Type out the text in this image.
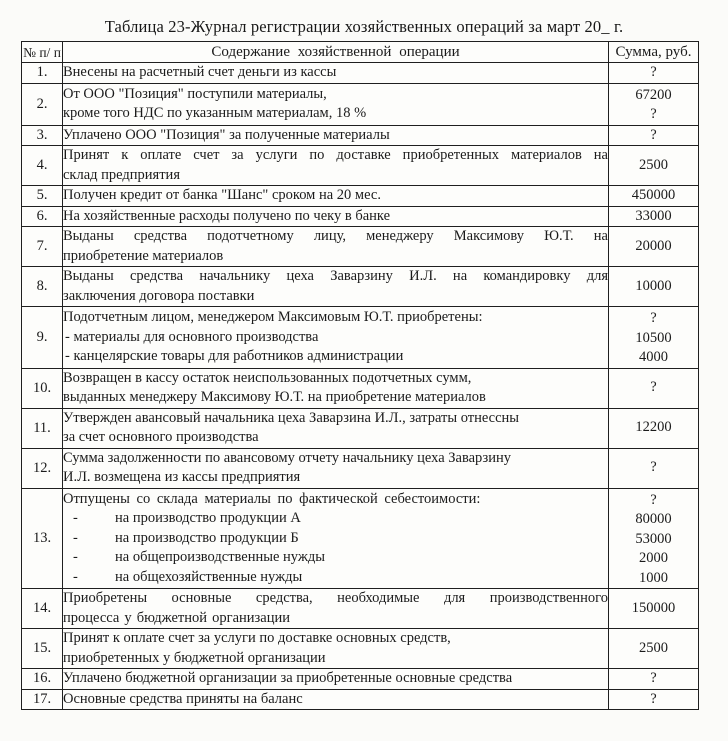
Таблица 23-Журнал регистрации хозяйственных операций за март 20_ г.
№ п/ п	Содержание хозяйственной операции	Сумма, руб.
1.	Внесены на расчетный счет деньги из кассы	?

2.	От ООО "Позиция" поступили материалы,
кроме того НДС по указанным материалам, 18 %	67200
?

3.	Уплачено ООО "Позиция" за полученные материалы	?

4.	Принят к оплате счет за услуги по доставке приобретенных материалов на
склад предприятия	2500

5.	Получен кредит от банка "Шанс" сроком на 20 мес.	450000

6.	На хозяйственные расходы получено по чеку в банке	33000

7.	Выданы средства подотчетному лицу, менеджеру Максимову Ю.Т. на
приобретение материалов	20000

8.	Выданы средства начальнику цеха Заварзину И.Л. на командировку для
заключения договора поставки	10000

9.	Подотчетным лицом, менеджером Максимовым Ю.Т. приобретены:
- материалы для основного производства
- канцелярские товары для работников администрации	?
10500
4000

10.	Возвращен в кассу остаток неиспользованных подотчетных сумм,
выданных менеджеру Максимову Ю.Т. на приобретение материалов	?

11.	Утвержден авансовый начальника цеха Заварзина И.Л., затраты отнессны
за счет основного производства	12200

12.	Сумма задолженности по авансовому отчету начальнику цеха Заварзину
И.Л. возмещена из кассы предприятия	?

13.	Отпущены со склада материалы по фактической себестоимости:
- на производство продукции А
- на производство продукции Б
- на общепроизводственные нужды
- на общехозяйственные нужды	?
80000
53000
2000
1000

14.	Приобретены основные средства, необходимые для производственного
процесса у бюджетной организации	150000

15.	Принят к оплате счет за услуги по доставке основных средств,
приобретенных у бюджетной организации	2500

16.	Уплачено бюджетной организации за приобретенные основные средства	?

17.	Основные средства приняты на баланс	?
